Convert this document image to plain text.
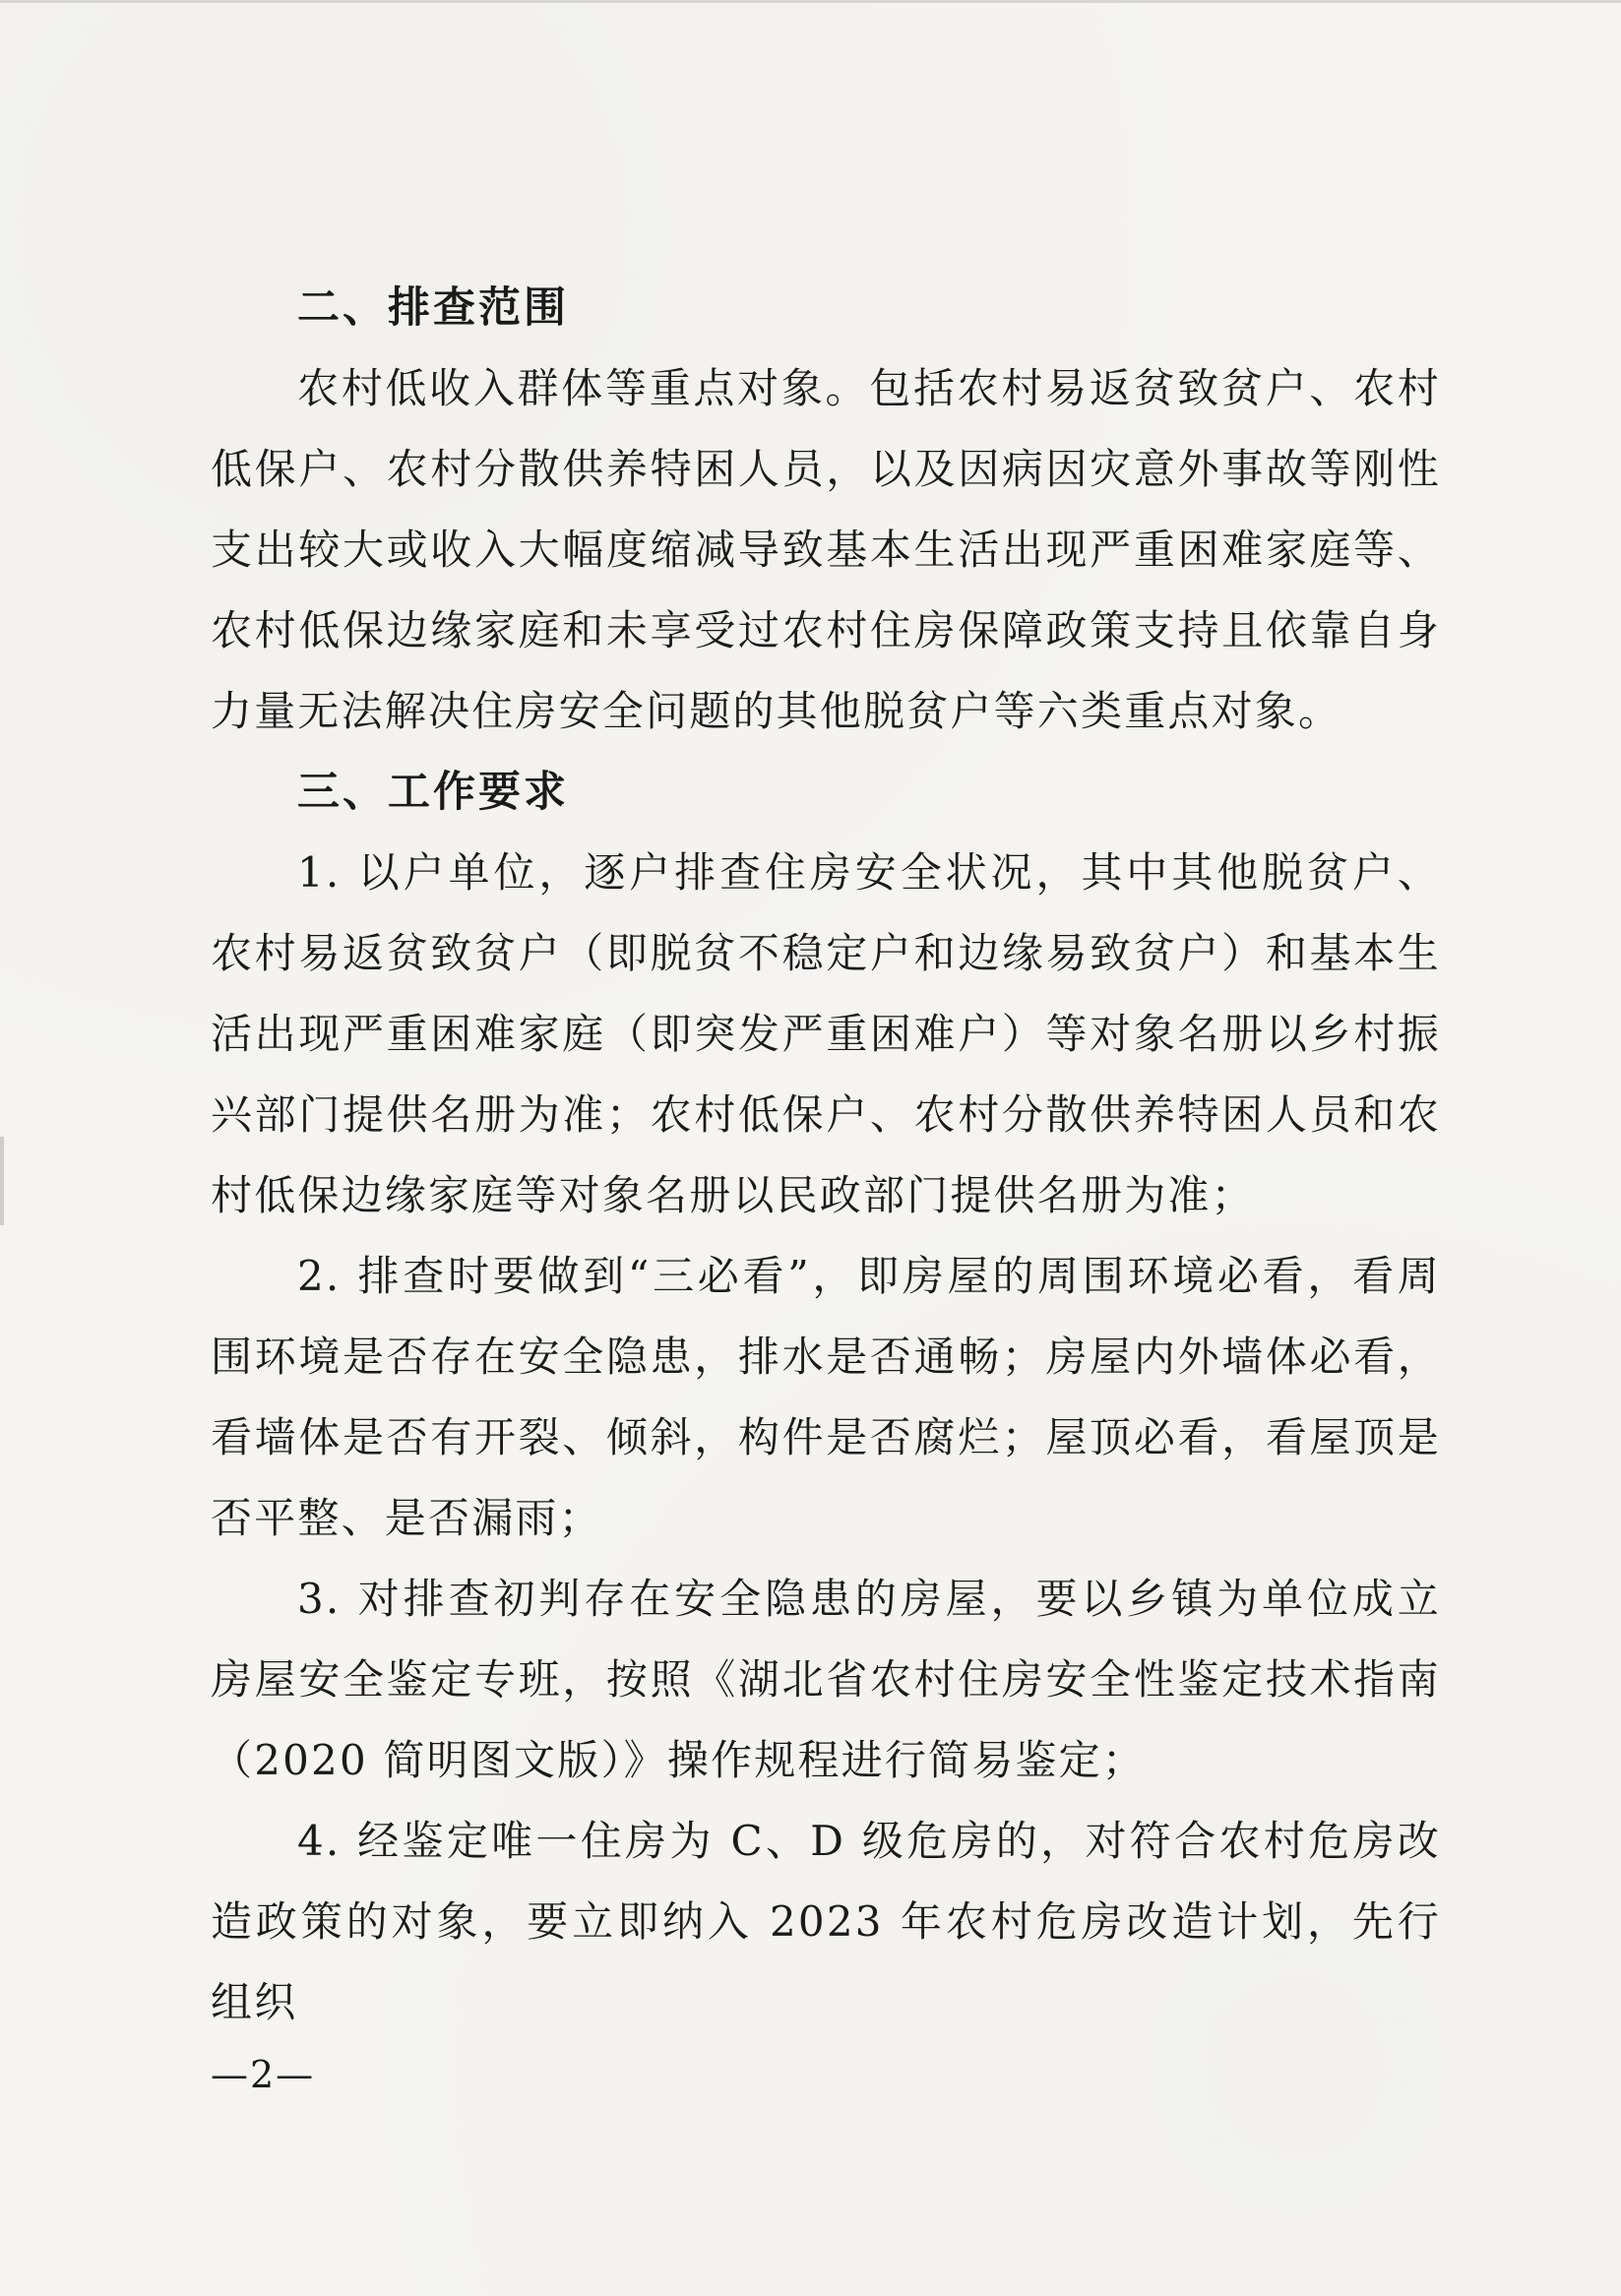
二、排查范围

农村低收入群体等重点对象。包括农村易返贫致贫户、农村低保户、农村分散供养特困人员，以及因病因灾意外事故等刚性支出较大或收入大幅度缩减导致基本生活出现严重困难家庭等、农村低保边缘家庭和未享受过农村住房保障政策支持且依靠自身力量无法解决住房安全问题的其他脱贫户等六类重点对象。

三、工作要求

1. 以户单位，逐户排查住房安全状况，其中其他脱贫户、农村易返贫致贫户（即脱贫不稳定户和边缘易致贫户）和基本生活出现严重困难家庭（即突发严重困难户）等对象名册以乡村振兴部门提供名册为准；农村低保户、农村分散供养特困人员和农村低保边缘家庭等对象名册以民政部门提供名册为准；

2. 排查时要做到“三必看”，即房屋的周围环境必看，看周围环境是否存在安全隐患，排水是否通畅；房屋内外墙体必看，看墙体是否有开裂、倾斜，构件是否腐烂；屋顶必看，看屋顶是否平整、是否漏雨；

3. 对排查初判存在安全隐患的房屋，要以乡镇为单位成立房屋安全鉴定专班，按照《湖北省农村住房安全性鉴定技术指南（2020 简明图文版）》操作规程进行简易鉴定；

4. 经鉴定唯一住房为 C、D 级危房的，对符合农村危房改造政策的对象，要立即纳入 2023 年农村危房改造计划，先行组织

—2—
